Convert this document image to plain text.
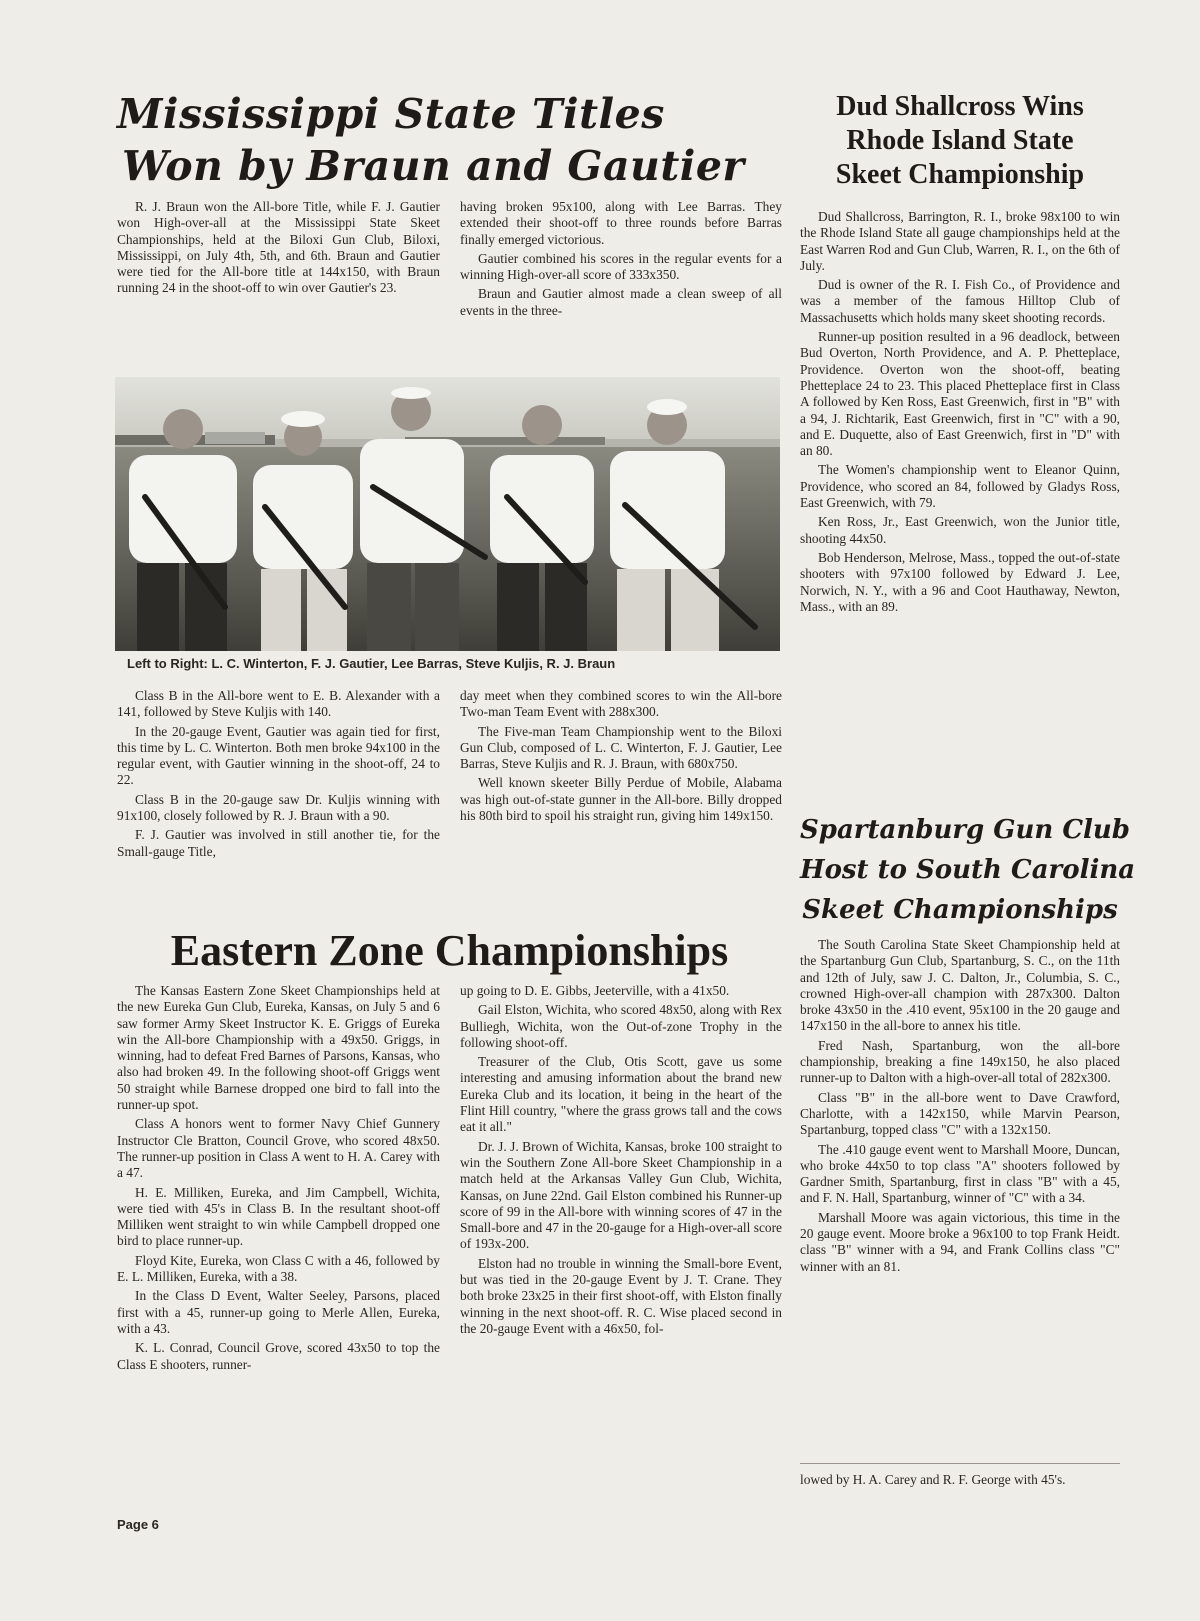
Mississippi State Titles
Won by Braun and Gautier

R. J. Braun won the All-bore Title, while F. J. Gautier won High-over-all at the Mississippi State Skeet Championships, held at the Biloxi Gun Club, Biloxi, Mississippi, on July 4th, 5th, and 6th. Braun and Gautier were tied for the All-bore title at 144x150, with Braun running 24 in the shoot-off to win over Gautier's 23.

having broken 95x100, along with Lee Barras. They extended their shoot-off to three rounds before Barras finally emerged victorious.

Gautier combined his scores in the regular events for a winning High-over-all score of 333x350.

Braun and Gautier almost made a clean sweep of all events in the three-

Left to Right: L. C. Winterton, F. J. Gautier, Lee Barras, Steve Kuljis, R. J. Braun

Class B in the All-bore went to E. B. Alexander with a 141, followed by Steve Kuljis with 140.

In the 20-gauge Event, Gautier was again tied for first, this time by L. C. Winterton. Both men broke 94x100 in the regular event, with Gautier winning in the shoot-off, 24 to 22.

Class B in the 20-gauge saw Dr. Kuljis winning with 91x100, closely followed by R. J. Braun with a 90.

F. J. Gautier was involved in still another tie, for the Small-gauge Title,

day meet when they combined scores to win the All-bore Two-man Team Event with 288x300.

The Five-man Team Championship went to the Biloxi Gun Club, composed of L. C. Winterton, F. J. Gautier, Lee Barras, Steve Kuljis and R. J. Braun, with 680x750.

Well known skeeter Billy Perdue of Mobile, Alabama was high out-of-state gunner in the All-bore. Billy dropped his 80th bird to spoil his straight run, giving him 149x150.

Eastern Zone Championships

The Kansas Eastern Zone Skeet Championships held at the new Eureka Gun Club, Eureka, Kansas, on July 5 and 6 saw former Army Skeet Instructor K. E. Griggs of Eureka win the All-bore Championship with a 49x50. Griggs, in winning, had to defeat Fred Barnes of Parsons, Kansas, who also had broken 49. In the following shoot-off Griggs went 50 straight while Barnese dropped one bird to fall into the runner-up spot.

Class A honors went to former Navy Chief Gunnery Instructor Cle Bratton, Council Grove, who scored 48x50. The runner-up position in Class A went to H. A. Carey with a 47.

H. E. Milliken, Eureka, and Jim Campbell, Wichita, were tied with 45's in Class B. In the resultant shoot-off Milliken went straight to win while Campbell dropped one bird to place runner-up.

Floyd Kite, Eureka, won Class C with a 46, followed by E. L. Milliken, Eureka, with a 38.

In the Class D Event, Walter Seeley, Parsons, placed first with a 45, runner-up going to Merle Allen, Eureka, with a 43.

K. L. Conrad, Council Grove, scored 43x50 to top the Class E shooters, runner-

up going to D. E. Gibbs, Jeeterville, with a 41x50.

Gail Elston, Wichita, who scored 48x50, along with Rex Bulliegh, Wichita, won the Out-of-zone Trophy in the following shoot-off.

Treasurer of the Club, Otis Scott, gave us some interesting and amusing information about the brand new Eureka Club and its location, it being in the heart of the Flint Hill country, "where the grass grows tall and the cows eat it all."

Dr. J. J. Brown of Wichita, Kansas, broke 100 straight to win the Southern Zone All-bore Skeet Championship in a match held at the Arkansas Valley Gun Club, Wichita, Kansas, on June 22nd. Gail Elston combined his Runner-up score of 99 in the All-bore with winning scores of 47 in the Small-bore and 47 in the 20-gauge for a High-over-all score of 193x-200.

Elston had no trouble in winning the Small-bore Event, but was tied in the 20-gauge Event by J. T. Crane. They both broke 23x25 in their first shoot-off, with Elston finally winning in the next shoot-off. R. C. Wise placed second in the 20-gauge Event with a 46x50, fol-

Dud Shallcross Wins
Rhode Island State
Skeet Championship

Dud Shallcross, Barrington, R. I., broke 98x100 to win the Rhode Island State all gauge championships held at the East Warren Rod and Gun Club, Warren, R. I., on the 6th of July.

Dud is owner of the R. I. Fish Co., of Providence and was a member of the famous Hilltop Club of Massachusetts which holds many skeet shooting records.

Runner-up position resulted in a 96 deadlock, between Bud Overton, North Providence, and A. P. Phetteplace, Providence. Overton won the shoot-off, beating Phetteplace 24 to 23. This placed Phetteplace first in Class A followed by Ken Ross, East Greenwich, first in "B" with a 94, J. Richtarik, East Greenwich, first in "C" with a 90, and E. Duquette, also of East Greenwich, first in "D" with an 80.

The Women's championship went to Eleanor Quinn, Providence, who scored an 84, followed by Gladys Ross, East Greenwich, with 79.

Ken Ross, Jr., East Greenwich, won the Junior title, shooting 44x50.

Bob Henderson, Melrose, Mass., topped the out-of-state shooters with 97x100 followed by Edward J. Lee, Norwich, N. Y., with a 96 and Coot Hauthaway, Newton, Mass., with an 89.

Spartanburg Gun Club
Host to South Carolina
Skeet Championships

The South Carolina State Skeet Championship held at the Spartanburg Gun Club, Spartanburg, S. C., on the 11th and 12th of July, saw J. C. Dalton, Jr., Columbia, S. C., crowned High-over-all champion with 287x300. Dalton broke 43x50 in the .410 event, 95x100 in the 20 gauge and 147x150 in the all-bore to annex his title.

Fred Nash, Spartanburg, won the all-bore championship, breaking a fine 149x150, he also placed runner-up to Dalton with a high-over-all total of 282x300.

Class "B" in the all-bore went to Dave Crawford, Charlotte, with a 142x150, while Marvin Pearson, Spartanburg, topped class "C" with a 132x150.

The .410 gauge event went to Marshall Moore, Duncan, who broke 44x50 to top class "A" shooters followed by Gardner Smith, Spartanburg, first in class "B" with a 45, and F. N. Hall, Spartanburg, winner of "C" with a 34.

Marshall Moore was again victorious, this time in the 20 gauge event. Moore broke a 96x100 to top Frank Heidt. class "B" winner with a 94, and Frank Collins class "C" winner with an 81.

lowed by H. A. Carey and R. F. George with 45's.

Page 6
